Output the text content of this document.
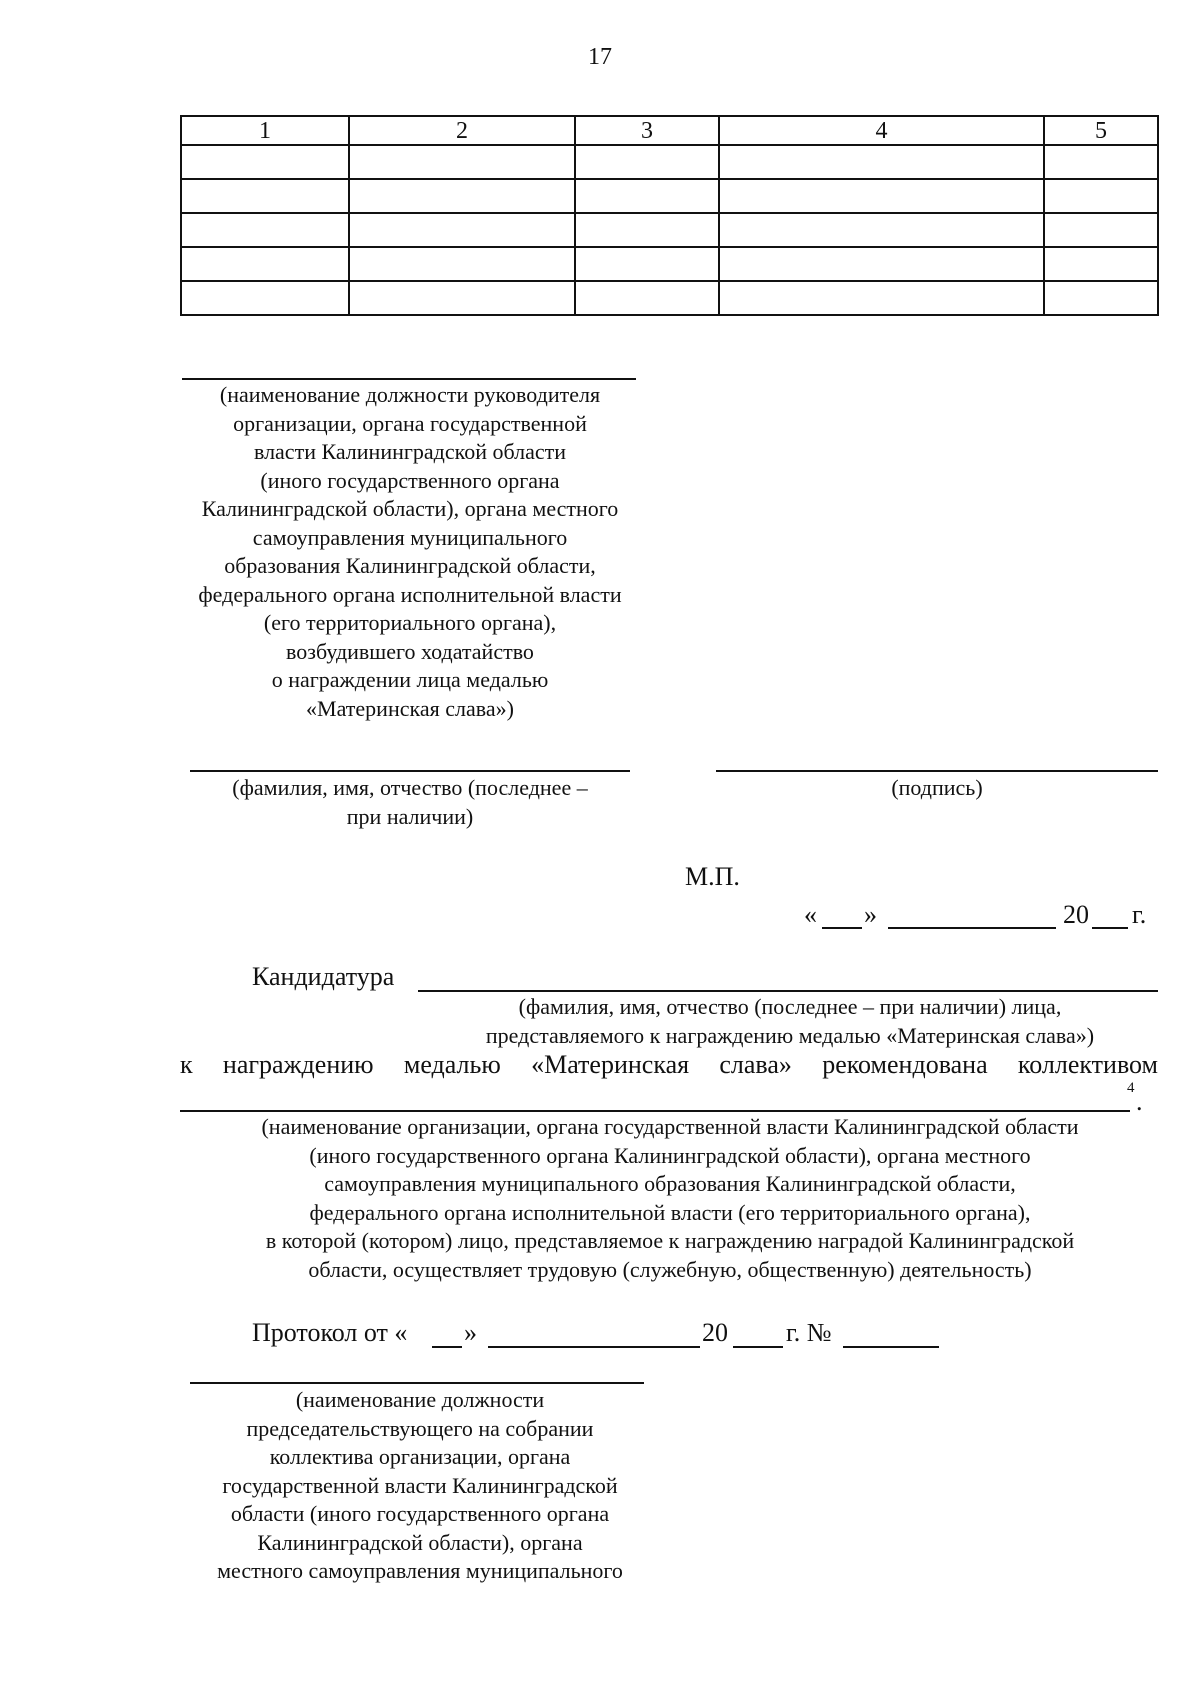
17
1	2	3	4	5

(наименование должности руководителя
организации, органа государственной
власти Калининградской области
(иного государственного органа
Калининградской области), органа местного
самоуправления муниципального
образования Калининградской области,
федерального органа исполнительной власти
(его территориального органа),
возбудившего ходатайство
о награждении лица медалью
«Материнская слава»)
(фамилия, имя, отчество (последнее –
при наличии)
(подпись)
М.П.
« »	20 г.
Кандидатура
(фамилия, имя, отчество (последнее – при наличии) лица,
представляемого к награждению медалью «Материнская слава»)
к награждению медалью «Материнская слава» рекомендована коллективом
4 .
(наименование организации, органа государственной власти Калининградской области
(иного государственного органа Калининградской области), органа местного
самоуправления муниципального образования Калининградской области,
федерального органа исполнительной власти (его территориального органа),
в которой (котором) лицо, представляемое к награждению наградой Калининградской
области, осуществляет трудовую (служебную, общественную) деятельность)
Протокол от « »	20 г. №
(наименование должности
председательствующего на собрании
коллектива организации, органа
государственной власти Калининградской
области (иного государственного органа
Калининградской области), органа
местного самоуправления муниципального
